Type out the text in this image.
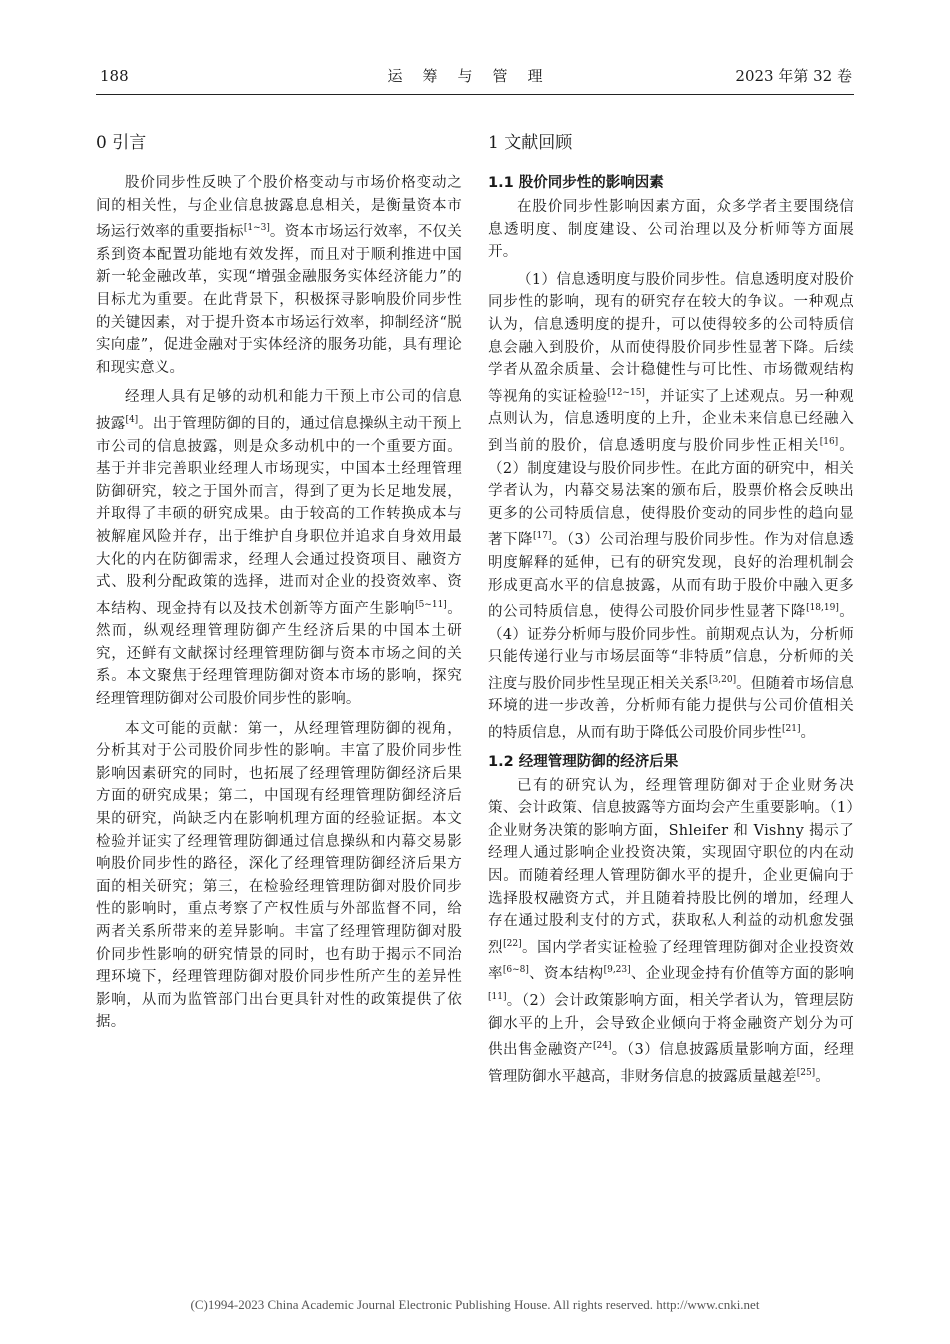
188	运筹与管理	2023 年第 32 卷
0 引言

股价同步性反映了个股价格变动与市场价格变动之间的相关性，与企业信息披露息息相关，是衡量资本市场运行效率的重要指标[1~3]。资本市场运行效率，不仅关系到资本配置功能地有效发挥，而且对于顺利推进中国新一轮金融改革，实现“增强金融服务实体经济能力”的目标尤为重要。在此背景下，积极探寻影响股价同步性的关键因素，对于提升资本市场运行效率，抑制经济“脱实向虚”，促进金融对于实体经济的服务功能，具有理论和现实意义。

经理人具有足够的动机和能力干预上市公司的信息披露[4]。出于管理防御的目的，通过信息操纵主动干预上市公司的信息披露，则是众多动机中的一个重要方面。基于并非完善职业经理人市场现实，中国本土经理管理防御研究，较之于国外而言，得到了更为长足地发展，并取得了丰硕的研究成果。由于较高的工作转换成本与被解雇风险并存，出于维护自身职位并追求自身效用最大化的内在防御需求，经理人会通过投资项目、融资方式、股利分配政策的选择，进而对企业的投资效率、资本结构、现金持有以及技术创新等方面产生影响[5~11]。然而，纵观经理管理防御产生经济后果的中国本土研究，还鲜有文献探讨经理管理防御与资本市场之间的关系。本文聚焦于经理管理防御对资本市场的影响，探究经理管理防御对公司股价同步性的影响。

本文可能的贡献：第一，从经理管理防御的视角，分析其对于公司股价同步性的影响。丰富了股价同步性影响因素研究的同时，也拓展了经理管理防御经济后果方面的研究成果；第二，中国现有经理管理防御经济后果的研究，尚缺乏内在影响机理方面的经验证据。本文检验并证实了经理管理防御通过信息操纵和内幕交易影响股价同步性的路径，深化了经理管理防御经济后果方面的相关研究；第三，在检验经理管理防御对股价同步性的影响时，重点考察了产权性质与外部监督不同，给两者关系所带来的差异影响。丰富了经理管理防御对股价同步性影响的研究情景的同时，也有助于揭示不同治理环境下，经理管理防御对股价同步性所产生的差异性影响，从而为监管部门出台更具针对性的政策提供了依据。

1 文献回顾
1.1 股价同步性的影响因素

在股价同步性影响因素方面，众多学者主要围绕信息透明度、制度建设、公司治理以及分析师等方面展开。

（1）信息透明度与股价同步性。信息透明度对股价同步性的影响，现有的研究存在较大的争议。一种观点认为，信息透明度的提升，可以使得较多的公司特质信息会融入到股价，从而使得股价同步性显著下降。后续学者从盈余质量、会计稳健性与可比性、市场微观结构等视角的实证检验[12~15]，并证实了上述观点。另一种观点则认为，信息透明度的上升，企业未来信息已经融入到当前的股价，信息透明度与股价同步性正相关[16]。（2）制度建设与股价同步性。在此方面的研究中，相关学者认为，内幕交易法案的颁布后，股票价格会反映出更多的公司特质信息，使得股价变动的同步性的趋向显著下降[17]。（3）公司治理与股价同步性。作为对信息透明度解释的延伸，已有的研究发现，良好的治理机制会形成更高水平的信息披露，从而有助于股价中融入更多的公司特质信息，使得公司股价同步性显著下降[18,19]。（4）证券分析师与股价同步性。前期观点认为，分析师只能传递行业与市场层面等“非特质”信息，分析师的关注度与股价同步性呈现正相关关系[3,20]。但随着市场信息环境的进一步改善，分析师有能力提供与公司价值相关的特质信息，从而有助于降低公司股价同步性[21]。

1.2 经理管理防御的经济后果

已有的研究认为，经理管理防御对于企业财务决策、会计政策、信息披露等方面均会产生重要影响。（1）企业财务决策的影响方面，Shleifer 和 Vishny 揭示了经理人通过影响企业投资决策，实现固守职位的内在动因。而随着经理人管理防御水平的提升，企业更偏向于选择股权融资方式，并且随着持股比例的增加，经理人存在通过股利支付的方式，获取私人利益的动机愈发强烈[22]。国内学者实证检验了经理管理防御对企业投资效率[6~8]、资本结构[9,23]、企业现金持有价值等方面的影响[11]。（2）会计政策影响方面，相关学者认为，管理层防御水平的上升，会导致企业倾向于将金融资产划分为可供出售金融资产[24]。（3）信息披露质量影响方面，经理管理防御水平越高，非财务信息的披露质量越差[25]。

(C)1994-2023 China Academic Journal Electronic Publishing House. All rights reserved. http://www.cnki.net
